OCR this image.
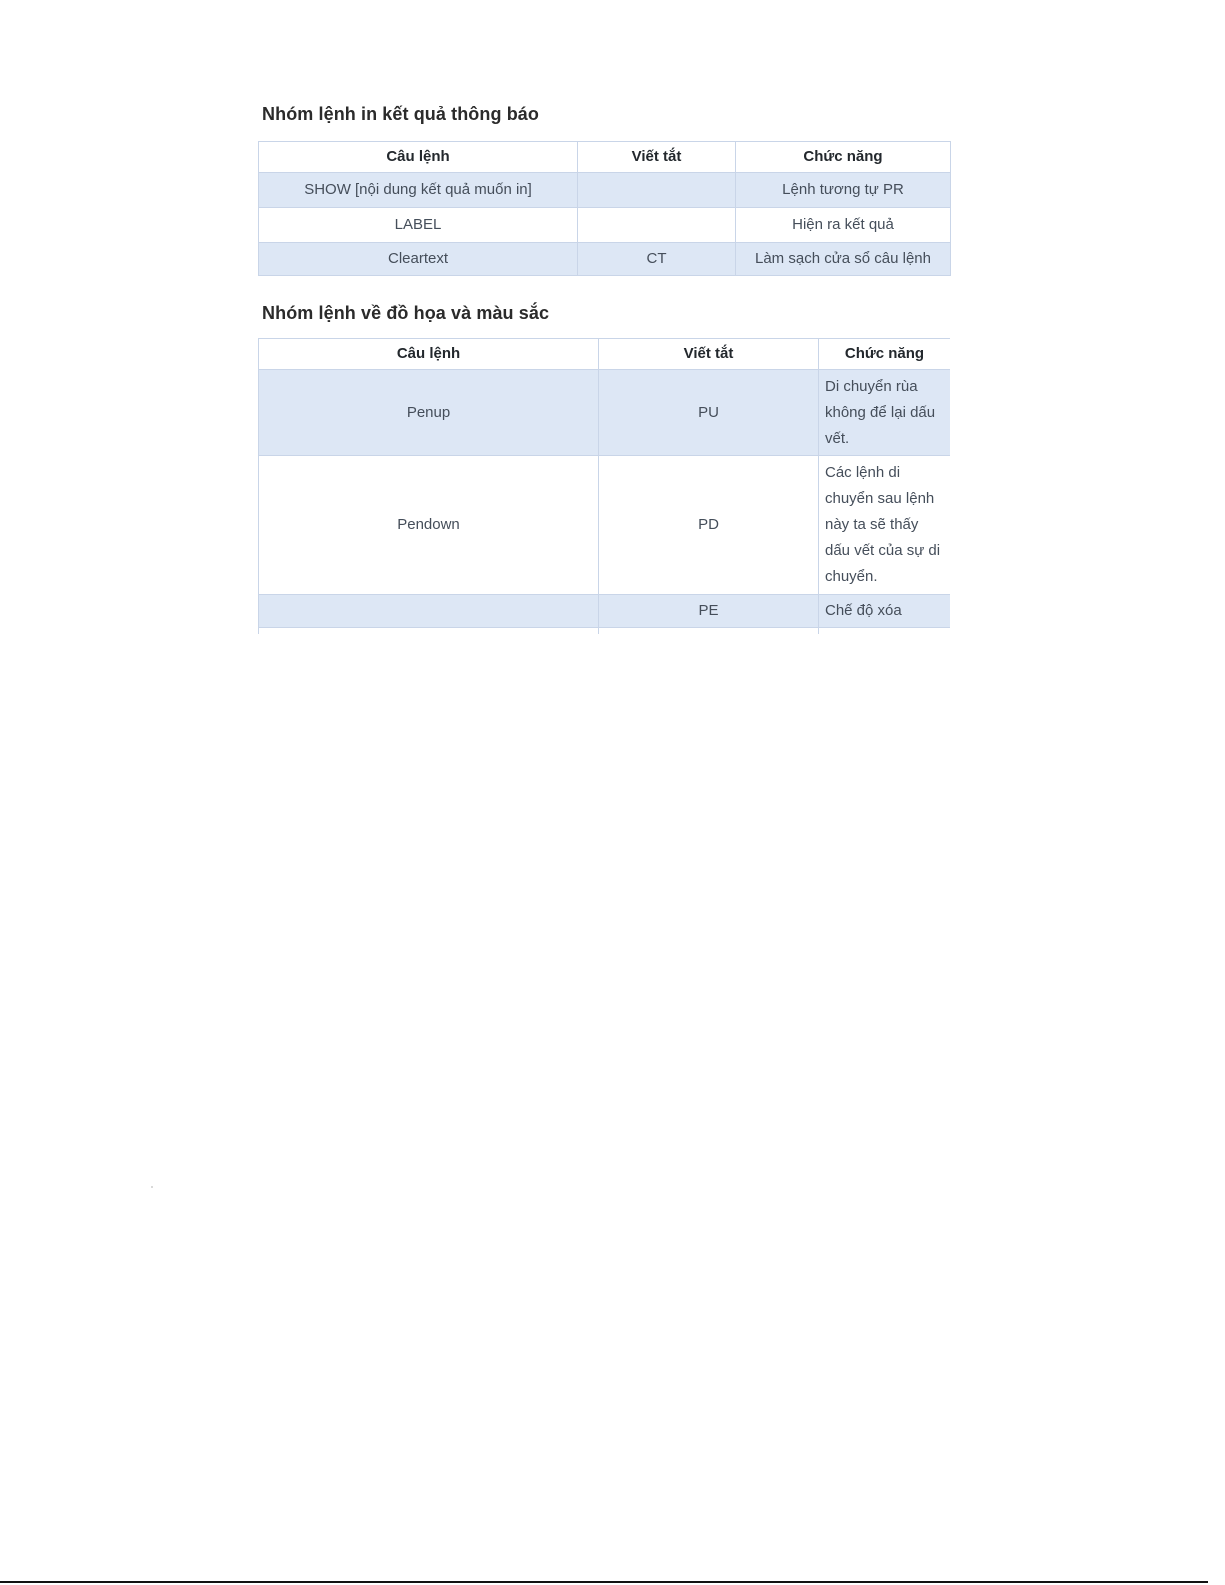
Nhóm lệnh in kết quả thông báo
Câu lệnh	Viết tắt	Chức năng
SHOW [nội dung kết quả muốn in]		Lệnh tương tự PR
LABEL		Hiện ra kết quả
Cleartext	CT	Làm sạch cửa sổ câu lệnh
Nhóm lệnh về đồ họa và màu sắc
Câu lệnh	Viết tắt	Chức năng
Penup	PU	Di chuyển rùa không để lại dấu vết.
Pendown	PD	Các lệnh di chuyển sau lệnh này ta sẽ thấy dấu vết của sự di chuyển.
	PE	Chế độ xóa
